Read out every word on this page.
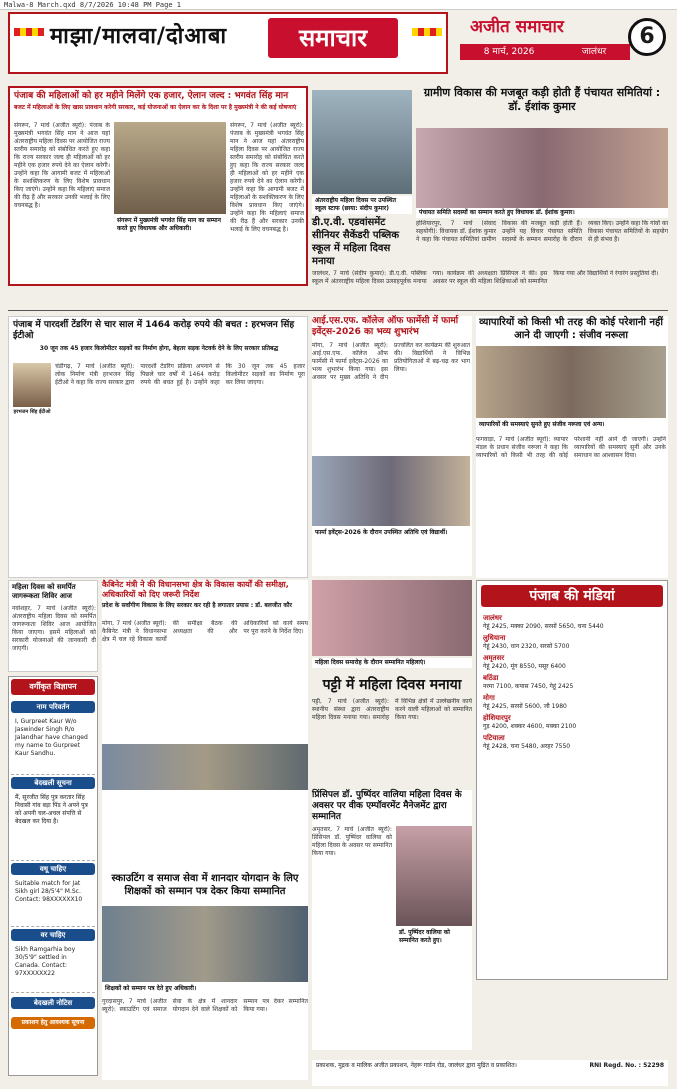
Malwa-8 March.qxd 8/7/2026 10:48 PM Page 1
माझा/मालवा/दोआबा	समाचार	अजीत समाचार
8 मार्च, 2026	जालंधर
6
पंजाब की महिलाओं को हर महीने मिलेंगे एक हजार, ऐलान जल्द : भगवंत सिंह मान
बजट में महिलाओं के लिए खास प्रावधान करेगी सरकार, कई योजनाओं का ऐलान कर के दिशा पर है मुख्यमंत्री ने की कई घोषणाएं
संगरूर, 7 मार्च (अजीत ब्यूरो): पंजाब के मुख्यमंत्री भगवंत सिंह मान ने आज यहां अंतरराष्ट्रीय महिला दिवस पर आयोजित राज्य स्तरीय समारोह को संबोधित करते हुए कहा कि राज्य सरकार जल्द ही महिलाओं को हर महीने एक हजार रुपये देने का ऐलान करेगी। उन्होंने कहा कि आगामी बजट में महिलाओं के सशक्तिकरण के लिए विशेष प्रावधान किए जाएंगे। उन्होंने कहा कि महिलाएं समाज की रीढ़ हैं और सरकार उनकी भलाई के लिए वचनबद्ध है।
संगरूर में मुख्यमंत्री भगवंत सिंह मान का सम्मान करते हुए विधायक और अधिकारी।
संगरूर, 7 मार्च (अजीत ब्यूरो): पंजाब के मुख्यमंत्री भगवंत सिंह मान ने आज यहां अंतरराष्ट्रीय महिला दिवस पर आयोजित राज्य स्तरीय समारोह को संबोधित करते हुए कहा कि राज्य सरकार जल्द ही महिलाओं को हर महीने एक हजार रुपये देने का ऐलान करेगी। उन्होंने कहा कि आगामी बजट में महिलाओं के सशक्तिकरण के लिए विशेष प्रावधान किए जाएंगे। उन्होंने कहा कि महिलाएं समाज की रीढ़ हैं और सरकार उनकी भलाई के लिए वचनबद्ध है।
ग्रामीण विकास की मजबूत कड़ी होती हैं पंचायत समितियां : डॉ. ईशांक कुमार
पंचायत समिति सदस्यों का सम्मान करते हुए विधायक डॉ. ईशांक कुमार।
होशियारपुर, 7 मार्च (संवाद सहयोगी): विधायक डॉ. ईशांक कुमार ने कहा कि पंचायत समितियां ग्रामीण विकास की मजबूत कड़ी होती हैं। उन्होंने यह विचार पंचायत समिति सदस्यों के सम्मान समारोह के दौरान व्यक्त किए। उन्होंने कहा कि गांवों का विकास पंचायत समितियों के सहयोग से ही संभव है।
अंतरराष्ट्रीय महिला दिवस पर उपस्थित स्कूल स्टाफ (छाया: संदीप कुमार)
डी.ए.वी. एडवांसमेंट सीनियर सैकेंडरी पब्लिक स्कूल में महिला दिवस मनाया
जालंधर, 7 मार्च (संदीप कुमार): डी.ए.वी. पब्लिक स्कूल में अंतरराष्ट्रीय महिला दिवस उत्साहपूर्वक मनाया गया। कार्यक्रम की अध्यक्षता प्रिंसिपल ने की। इस अवसर पर स्कूल की महिला शिक्षिकाओं को सम्मानित किया गया और विद्यार्थियों ने रंगारंग प्रस्तुतियां दीं।
पंजाब में पारदर्शी टेंडरिंग से चार साल में 1464 करोड़ रुपये की बचत : हरभजन सिंह ईटीओ
30 जून तक 45 हजार किलोमीटर सड़कों का निर्माण होगा, बेहतर सड़क नेटवर्क देने के लिए सरकार प्रतिबद्ध
हरभजन सिंह ईटीओ
चंडीगढ़, 7 मार्च (अजीत ब्यूरो): लोक निर्माण मंत्री हरभजन सिंह ईटीओ ने कहा कि राज्य सरकार द्वारा पारदर्शी टेंडरिंग प्रक्रिया अपनाने से पिछले चार वर्षों में 1464 करोड़ रुपये की बचत हुई है। उन्होंने कहा कि 30 जून तक 45 हजार किलोमीटर सड़कों का निर्माण पूरा कर लिया जाएगा।
आई.एस.एफ. कॉलेज ऑफ फार्मेसी में फार्मा इवेंट्स-2026 का भव्य शुभारंभ
मोगा, 7 मार्च (अजीत ब्यूरो): आई.एस.एफ. कॉलेज ऑफ फार्मेसी में फार्मा इवेंट्स-2026 का भव्य शुभारंभ किया गया। इस अवसर पर मुख्य अतिथि ने दीप प्रज्वलित कर कार्यक्रम की शुरुआत की। विद्यार्थियों ने विभिन्न प्रतियोगिताओं में बढ़-चढ़ कर भाग लिया।
फार्मा इवेंट्स-2026 के दौरान उपस्थित अतिथि एवं विद्यार्थी।
व्यापारियों को किसी भी तरह की कोई परेशानी नहीं आने दी जाएगी : संजीव नरूला
व्यापारियों की समस्याएं सुनते हुए संजीव नरूला एवं अन्य।
फगवाड़ा, 7 मार्च (अजीत ब्यूरो): व्यापार मंडल के प्रधान संजीव नरूला ने कहा कि व्यापारियों को किसी भी तरह की कोई परेशानी नहीं आने दी जाएगी। उन्होंने व्यापारियों की समस्याएं सुनीं और उनके समाधान का आश्वासन दिया।
महिला दिवस को समर्पित जागरूकता शिविर आज
नवांशहर, 7 मार्च (अजीत ब्यूरो): अंतरराष्ट्रीय महिला दिवस को समर्पित जागरूकता शिविर आज आयोजित किया जाएगा। इसमें महिलाओं को सरकारी योजनाओं की जानकारी दी जाएगी।
कैबिनेट मंत्री ने की विधानसभा क्षेत्र के विकास कार्यों की समीक्षा, अधिकारियों को दिए जरूरी निर्देश
प्रदेश के सर्वांगीण विकास के लिए सरकार कर रही है लगातार प्रयास : डॉ. बलजीत कौर
मोगा, 7 मार्च (अजीत ब्यूरो): कैबिनेट मंत्री ने विधानसभा क्षेत्र में चल रहे विकास कार्यों की समीक्षा बैठक की अध्यक्षता की और अधिकारियों को कार्य समय पर पूरा करने के निर्देश दिए।
महिला दिवस समारोह के दौरान सम्मानित महिलाएं।
पट्टी में महिला दिवस मनाया
पट्टी, 7 मार्च (अजीत ब्यूरो): स्थानीय संस्था द्वारा अंतरराष्ट्रीय महिला दिवस मनाया गया। समारोह में विभिन्न क्षेत्रों में उल्लेखनीय कार्य करने वाली महिलाओं को सम्मानित किया गया।
पंजाब की मंडियां
जालंधर
गेहूं 2425, मक्का 2090, सरसों 5650, चना 5440
लुधियाना
गेहूं 2430, धान 2320, सरसों 5700
अमृतसर
गेहूं 2420, मूंग 8550, मसूर 6400
बठिंडा
नरमा 7100, कपास 7450, गेहूं 2425
मोगा
गेहूं 2425, सरसों 5600, जौ 1980
होशियारपुर
गुड़ 4200, शक्कर 4600, मक्का 2100
पटियाला
गेहूं 2428, चना 5480, अरहर 7550
वर्गीकृत विज्ञापन
नाम परिवर्तन
I, Gurpreet Kaur W/o Jaswinder Singh R/o Jalandhar have changed my name to Gurpreet Kaur Sandhu.
बेदखली सूचना
मैं, सुरजीत सिंह पुत्र करतार सिंह निवासी गांव बड़ा पिंड ने अपने पुत्र को अपनी चल-अचल संपत्ति से बेदखल कर दिया है।
वधू चाहिए
Suitable match for Jat Sikh girl 28/5'4" M.Sc. Contact: 98XXXXXX10
वर चाहिए
Sikh Ramgarhia boy 30/5'9" settled in Canada. Contact: 97XXXXXX22
बेदखली नोटिस
प्रकाशन हेतु आवश्यक सूचना
स्काउटिंग व समाज सेवा में शानदार योगदान के लिए शिक्षकों को सम्मान पत्र देकर किया सम्मानित
शिक्षकों को सम्मान पत्र देते हुए अधिकारी।
गुरदासपुर, 7 मार्च (अजीत ब्यूरो): स्काउटिंग एवं समाज सेवा के क्षेत्र में शानदार योगदान देने वाले शिक्षकों को सम्मान पत्र देकर सम्मानित किया गया।
प्रिंसिपल डॉ. पुष्पिंदर वालिया महिला दिवस के अवसर पर वीक एम्पॉवरमेंट मैनेजमेंट द्वारा सम्मानित
अमृतसर, 7 मार्च (अजीत ब्यूरो): प्रिंसिपल डॉ. पुष्पिंदर वालिया को महिला दिवस के अवसर पर सम्मानित किया गया।
डॉ. पुष्पिंदर वालिया को सम्मानित करते हुए।
प्रकाशक, मुद्रक व मालिक अजीत प्रकाशन, नेहरू गार्डन रोड, जालंधर द्वारा मुद्रित व प्रकाशित।	RNI Regd. No. : 52298
